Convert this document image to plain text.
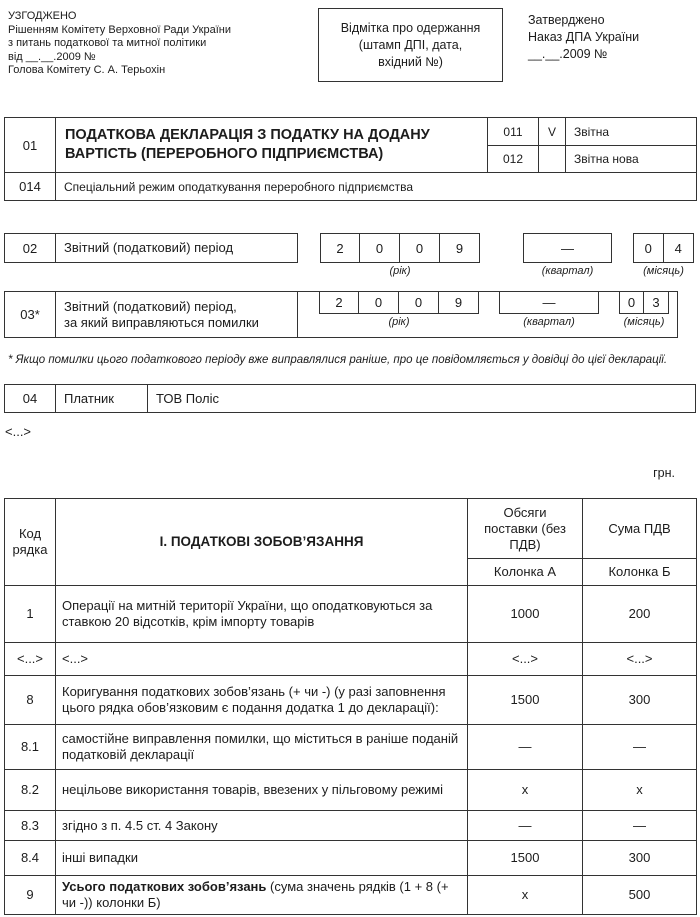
УЗГОДЖЕНО
Рішенням Комітету Верховної Ради України
з питань податкової та митної політики
від __.__.2009 №
Голова Комітету С. А. Терьохін
Відмітка про одержання
(штамп ДПІ, дата,
вхідний №)
Затверджено
Наказ ДПА України
__.__.2009 №
01	ПОДАТКОВА ДЕКЛАРАЦІЯ З ПОДАТКУ НА ДОДАНУ ВАРТІСТЬ (ПЕРЕРОБНОГО ПІДПРИЄМСТВА)	011	V	Звітна
		012		Звітна нова
014	Спеціальний режим оподаткування переробного підприємства			
02	Звітний (податковий) період	2	0	0	9
(рік)
—
(квартал)
0	4
(місяць)
03*
Звітний (податковий) період,
за який виправляються помилки
2	0	0	9
(рік)
—
(квартал)
0	3
(місяць)
* Якщо помилки цього податкового періоду вже виправлялися раніше, про це повідомляється у довідці до цієї декларації.
04	Платник	ТОВ Поліс
<...>
грн.
Код рядка	І. ПОДАТКОВІ ЗОБОВ’ЯЗАННЯ	Обсяги поставки (без ПДВ)	Сума ПДВ
		Колонка А	Колонка Б
1	Операції на митній території України, що оподатковуються за ставкою 20 відсотків, крім імпорту товарів	1000	200
<...>	<...>	<...>	<...>
8	Коригування податкових зобов’язань (+ чи -) (у разі заповнення цього рядка обов’язковим є подання додатка 1 до декларації):	1500	300
8.1	самостійне виправлення помилки, що міститься в раніше поданій податковій декларації	—	—
8.2	нецільове використання товарів, ввезених у пільговому режимі	х	х
8.3	згідно з п. 4.5 ст. 4 Закону	—	—
8.4	інші випадки	1500	300
9	Усього податкових зобов’язань (сума значень рядків (1 + 8 (+ чи -)) колонки Б)	х	500
